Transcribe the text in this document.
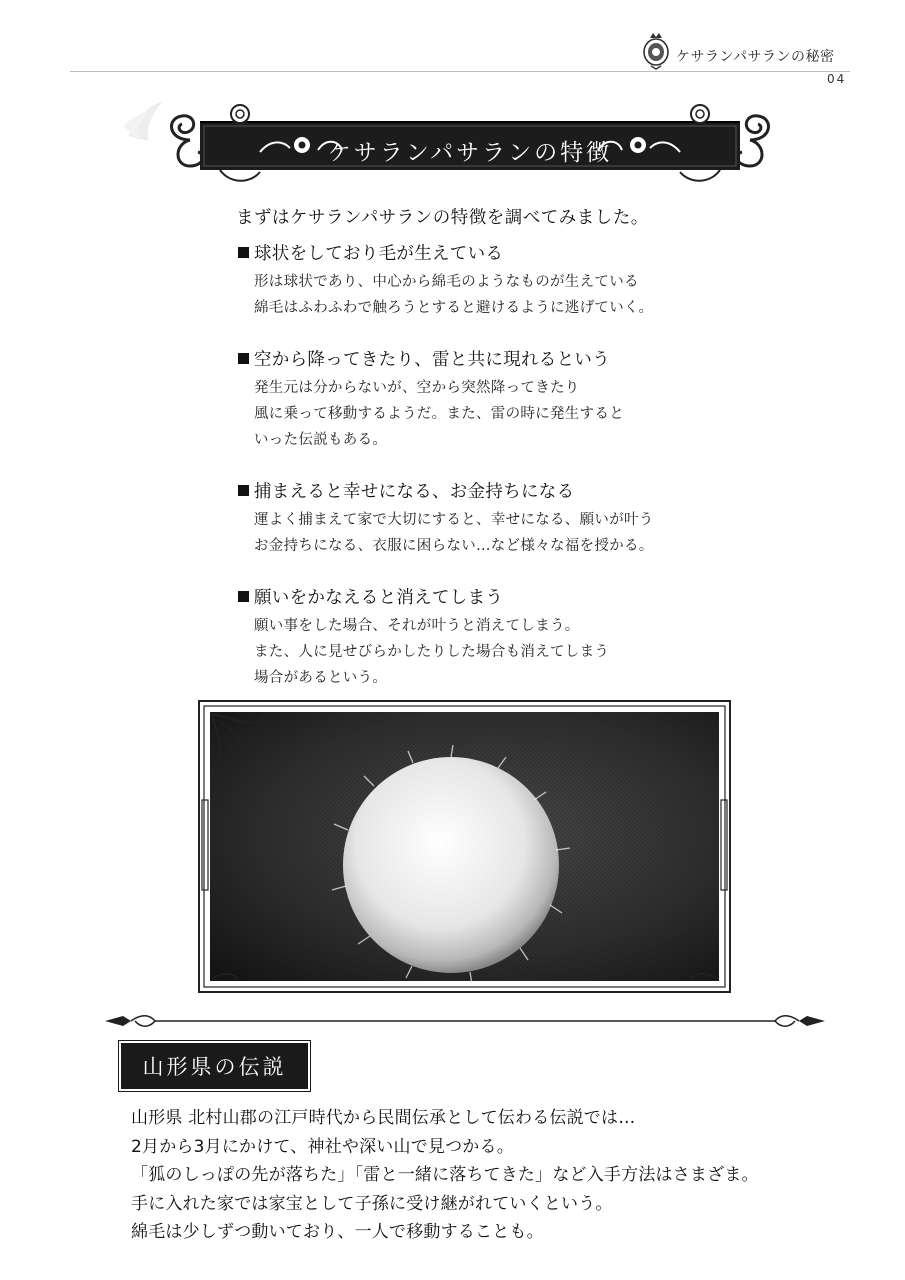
ケサランパサランの秘密
04
ケサランパサランの特徴
まずはケサランパサランの特徴を調べてみました。
球状をしており毛が生えている
形は球状であり、中心から綿毛のようなものが生えている
綿毛はふわふわで触ろうとすると避けるように逃げていく。
空から降ってきたり、雷と共に現れるという
発生元は分からないが、空から突然降ってきたり
風に乗って移動するようだ。また、雷の時に発生すると
いった伝説もある。
捕まえると幸せになる、お金持ちになる
運よく捕まえて家で大切にすると、幸せになる、願いが叶う
お金持ちになる、衣服に困らない…など様々な福を授かる。
願いをかなえると消えてしまう
願い事をした場合、それが叶うと消えてしまう。
また、人に見せびらかしたりした場合も消えてしまう
場合があるという。
山形県の伝説
山形県 北村山郡の江戸時代から民間伝承として伝わる伝説では…
2月から3月にかけて、神社や深い山で見つかる。
「狐のしっぽの先が落ちた」「雷と一緒に落ちてきた」など入手方法はさまざま。
手に入れた家では家宝として子孫に受け継がれていくという。
綿毛は少しずつ動いており、一人で移動することも。
